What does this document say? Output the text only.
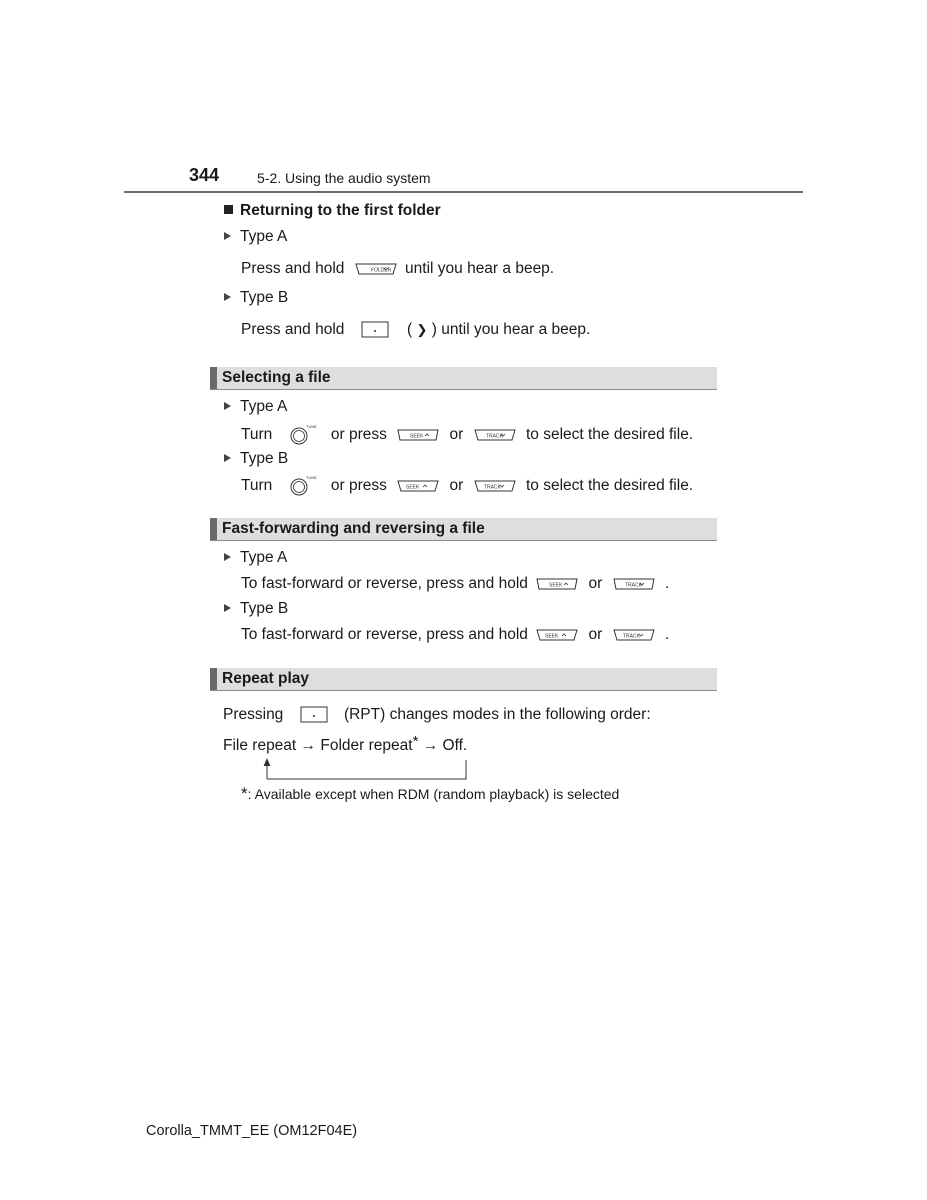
344	5-2. Using the audio system
Returning to the first folder
Type A
Press and hold	FOLDER until you hear a beep.
Type B
Press and hold	( ❯ ) until you hear a beep.
Selecting a file
Type A
Turn	TUNE or press	SEEK or	TRACK to select the desired file.
Type B
Turn	TUNE or press	SEEK or	TRACK to select the desired file.
Fast-forwarding and reversing a file
Type A
To fast-forward or reverse, press and hold	SEEK or	TRACK .
Type B
To fast-forward or reverse, press and hold	SEEK or	TRACK .
Repeat play
Pressing	(RPT) changes modes in the following order:
File repeat → Folder repeat* → Off.
*: Available except when RDM (random playback) is selected
Corolla_TMMT_EE (OM12F04E)
